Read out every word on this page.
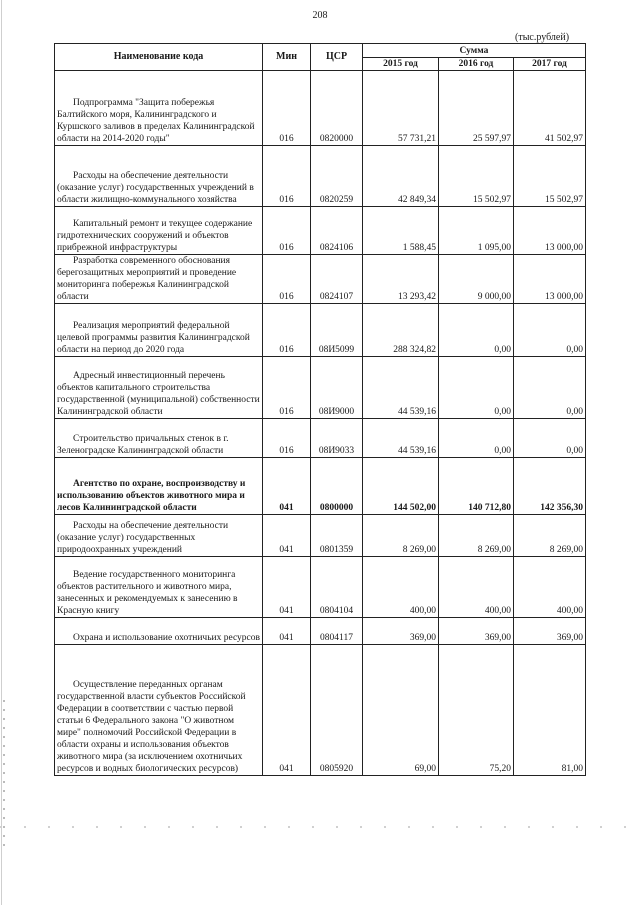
208
(тыс.рублей)
Наименование кода	Мин	ЦСР	Сумма		
			2015 год	2016 год	2017 год
Подпрограмма "Защита побережья Балтийского моря, Калининградского и Куршского заливов в пределах Калининградской области на 2014-2020 годы"	016	0820000	57 731,21	25 597,97	41 502,97
Расходы на обеспечение деятельности (оказание услуг) государственных учреждений в области жилищно-коммунального хозяйства	016	0820259	42 849,34	15 502,97	15 502,97
Капитальный ремонт и текущее содержание гидротехнических сооружений и объектов прибрежной инфраструктуры	016	0824106	1 588,45	1 095,00	13 000,00
Разработка современного обоснования берегозащитных мероприятий и проведение мониторинга побережья Калининградской области	016	0824107	13 293,42	9 000,00	13 000,00
Реализация мероприятий федеральной целевой программы развития Калининградской области на период до 2020 года	016	08И5099	288 324,82	0,00	0,00
Адресный инвестиционный перечень объектов капитального строительства государственной (муниципальной) собственности Калининградской области	016	08И9000	44 539,16	0,00	0,00
Строительство причальных стенок в г. Зеленоградске Калининградской области	016	08И9033	44 539,16	0,00	0,00
Агентство по охране, воспроизводству и использованию объектов животного мира и лесов Калининградской области	041	0800000	144 502,00	140 712,80	142 356,30
Расходы на обеспечение деятельности (оказание услуг) государственных природоохранных учреждений	041	0801359	8 269,00	8 269,00	8 269,00
Ведение государственного мониторинга объектов растительного и животного мира, занесенных и рекомендуемых к занесению в Красную книгу	041	0804104	400,00	400,00	400,00
Охрана и использование охотничьих ресурсов	041	0804117	369,00	369,00	369,00
Осуществление переданных органам государственной власти субъектов Российской Федерации в соответствии с частью первой статьи 6 Федерального закона "О животном мире" полномочий Российской Федерации в области охраны и использования объектов животного мира (за исключением охотничьих ресурсов и водных биологических ресурсов)	041	0805920	69,00	75,20	81,00
